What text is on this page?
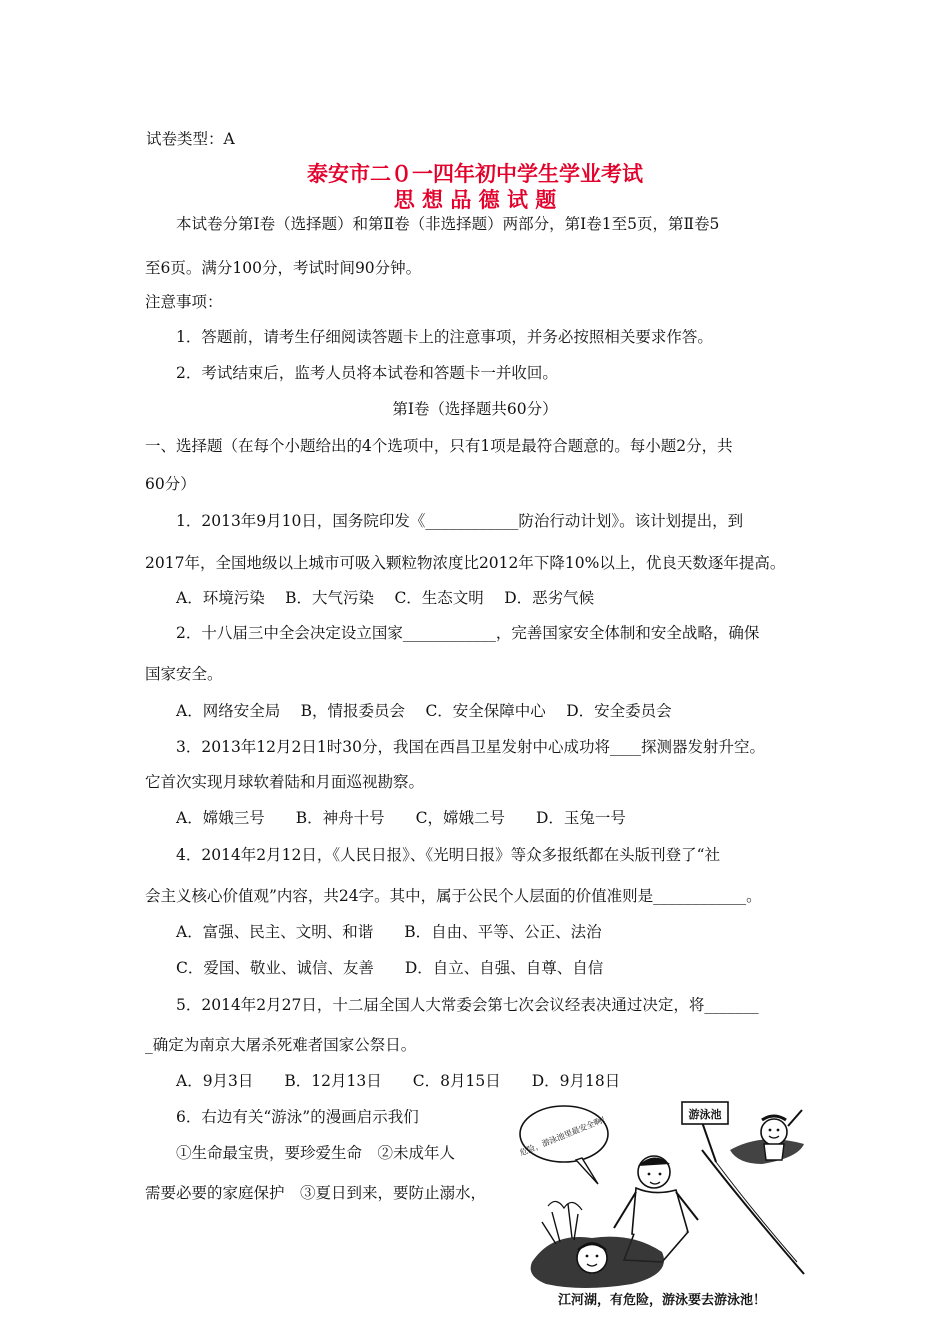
试卷类型：A
泰安市二０一四年初中学生学业考试
思 想 品 德 试 题
本试卷分第Ⅰ卷（选择题）和第Ⅱ卷（非选择题）两部分，第Ⅰ卷1至5页，第Ⅱ卷5
至6页。满分100分，考试时间90分钟。
注意事项：
1．答题前，请考生仔细阅读答题卡上的注意事项，并务必按照相关要求作答。
2．考试结束后，监考人员将本试卷和答题卡一并收回。
第Ⅰ卷（选择题共60分）
一、选择题（在每个小题给出的4个选项中，只有1项是最符合题意的。每小题2分，共
60分）
1．2013年9月10日，国务院印发《____________防治行动计划》。该计划提出，到
2017年，全国地级以上城市可吸入颗粒物浓度比2012年下降10%以上，优良天数逐年提高。
A．环境污染　 B．大气污染　 C．生态文明　 D．恶劣气候
2．十八届三中全会决定设立国家____________，完善国家安全体制和安全战略，确保
国家安全。
A．网络安全局　 B，情报委员会　 C．安全保障中心　 D．安全委员会
3．2013年12月2日1时30分，我国在西昌卫星发射中心成功将____探测器发射升空。
它首次实现月球软着陆和月面巡视勘察。
A．嫦娥三号　　B．神舟十号　　C，嫦娥二号　　D．玉兔一号
4．2014年2月12日，《人民日报》、《光明日报》等众多报纸都在头版刊登了“社
会主义核心价值观”内容，共24字。其中，属于公民个人层面的价值准则是____________。
A．富强、民主、文明、和谐　　B．自由、平等、公正、法治
C．爱国、敬业、诚信、友善　　D．自立、自强、自尊、自信
5．2014年2月27日，十二届全国人大常委会第七次会议经表决通过决定，将_______
_确定为南京大屠杀死难者国家公祭日。
A．9月3日　　B．12月13日　　C．8月15日　　D．9月18日
6．右边有关“游泳”的漫画启示我们
①生命最宝贵，要珍爱生命　②未成年人
需要必要的家庭保护　③夏日到来，要防止溺水，
危险，游泳池里最安全啊！	游泳池
江河湖，有危险，游泳要去游泳池！
